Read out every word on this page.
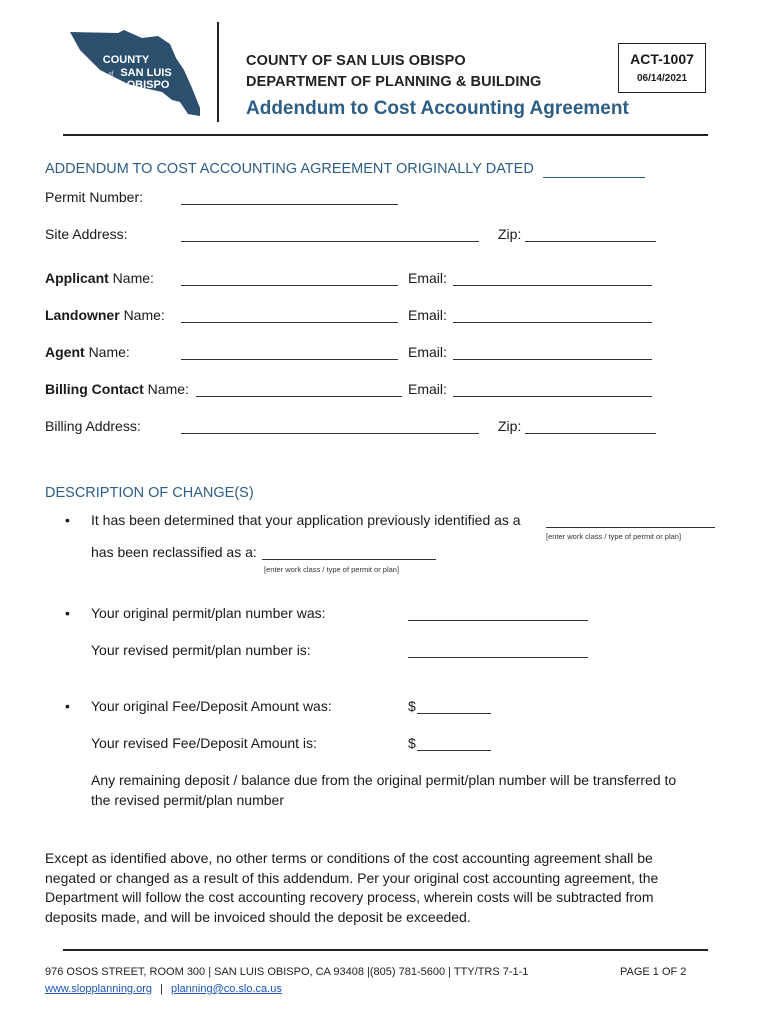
COUNTY
of SAN LUIS
OBISPO
COUNTY OF SAN LUIS OBISPO
DEPARTMENT OF PLANNING & BUILDING
Addendum to Cost Accounting Agreement
ACT-1007
06/14/2021
ADDENDUM TO COST ACCOUNTING AGREEMENT ORIGINALLY DATED
Permit Number:
Site Address:	Zip:
Applicant Name:	Email:
Landowner Name:	Email:
Agent Name:	Email:
Billing Contact Name:	Email:
Billing Address:	Zip:
DESCRIPTION OF CHANGE(S)
• It has been determined that your application previously identified as a
[enter work class / type of permit or plan]
has been reclassified as a:
[enter work class / type of permit or plan]
• Your original permit/plan number was:
Your revised permit/plan number is:
• Your original Fee/Deposit Amount was:	$
Your revised Fee/Deposit Amount is:	$
Any remaining deposit / balance due from the original permit/plan number will be transferred to
the revised permit/plan number
Except as identified above, no other terms or conditions of the cost accounting agreement shall be negated or changed as a result of this addendum. Per your original cost accounting agreement, the Department will follow the cost accounting recovery process, wherein costs will be subtracted from deposits made, and will be invoiced should the deposit be exceeded.
976 OSOS STREET, ROOM 300 | SAN LUIS OBISPO, CA 93408 |(805) 781-5600 | TTY/TRS 7-1-1	PAGE 1 OF 2
www.slopplanning.org | planning@co.slo.ca.us
